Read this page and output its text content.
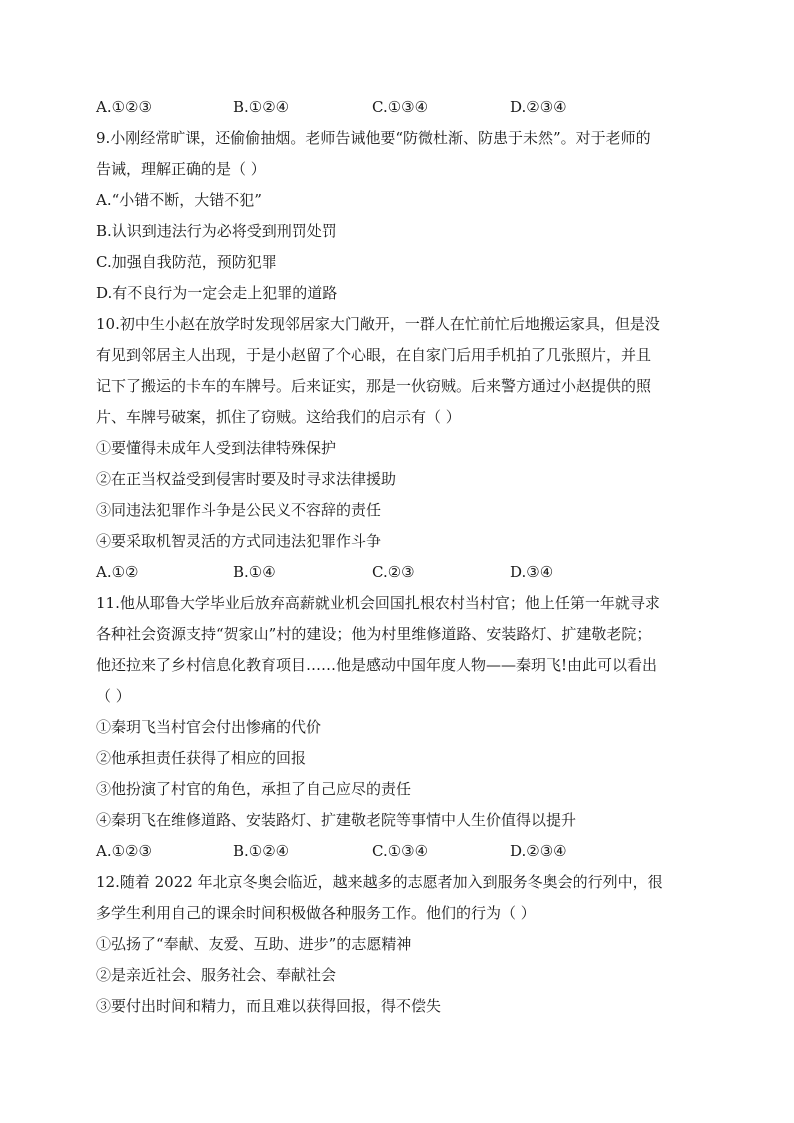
A.①②③	B.①②④	C.①③④	D.②③④
9.小刚经常旷课，还偷偷抽烟。老师告诫他要“防微杜渐、防患于未然”。对于老师的
告诫，理解正确的是（ ）
A.“小错不断，大错不犯”
B.认识到违法行为必将受到刑罚处罚
C.加强自我防范，预防犯罪
D.有不良行为一定会走上犯罪的道路
10.初中生小赵在放学时发现邻居家大门敞开，一群人在忙前忙后地搬运家具，但是没
有见到邻居主人出现，于是小赵留了个心眼，在自家门后用手机拍了几张照片，并且
记下了搬运的卡车的车牌号。后来证实，那是一伙窃贼。后来警方通过小赵提供的照
片、车牌号破案，抓住了窃贼。这给我们的启示有（ ）
①要懂得未成年人受到法律特殊保护
②在正当权益受到侵害时要及时寻求法律援助
③同违法犯罪作斗争是公民义不容辞的责任
④要采取机智灵活的方式同违法犯罪作斗争
A.①②	B.①④	C.②③	D.③④
11.他从耶鲁大学毕业后放弃高薪就业机会回国扎根农村当村官；他上任第一年就寻求
各种社会资源支持“贺家山”村的建设；他为村里维修道路、安装路灯、扩建敬老院；
他还拉来了乡村信息化教育项目……他是感动中国年度人物——秦玥飞!由此可以看出
（ ）
①秦玥飞当村官会付出惨痛的代价
②他承担责任获得了相应的回报
③他扮演了村官的角色，承担了自己应尽的责任
④秦玥飞在维修道路、安装路灯、扩建敬老院等事情中人生价值得以提升
A.①②③	B.①②④	C.①③④	D.②③④
12.随着 2022 年北京冬奥会临近，越来越多的志愿者加入到服务冬奥会的行列中，很
多学生利用自己的课余时间积极做各种服务工作。他们的行为（ ）
①弘扬了“奉献、友爱、互助、进步”的志愿精神
②是亲近社会、服务社会、奉献社会
③要付出时间和精力，而且难以获得回报，得不偿失
